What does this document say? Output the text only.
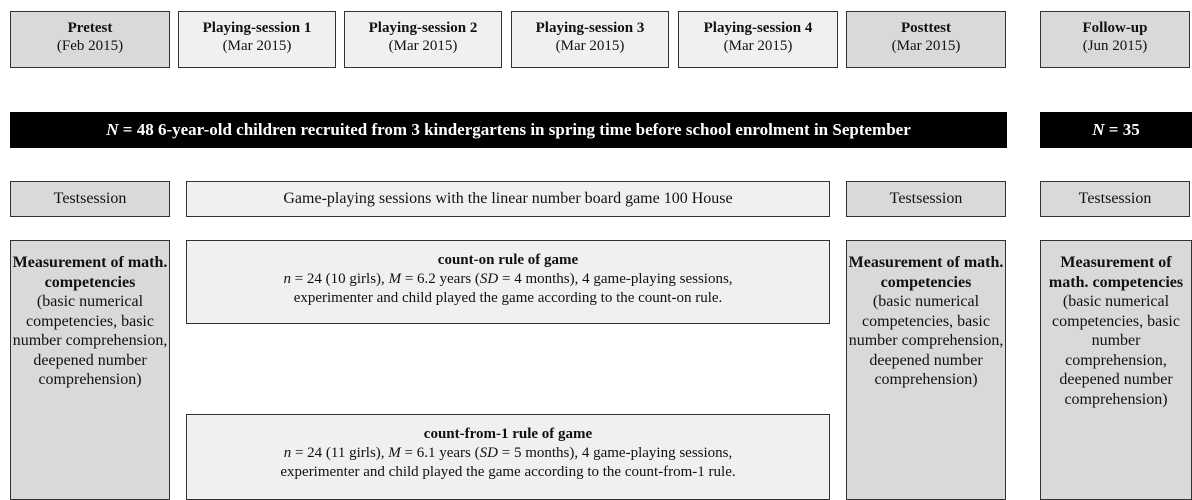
Pretest
(Feb 2015)
Playing-session 1
(Mar 2015)
Playing-session 2
(Mar 2015)
Playing-session 3
(Mar 2015)
Playing-session 4
(Mar 2015)
Posttest
(Mar 2015)
Follow-up
(Jun 2015)
N = 48 6-year-old children recruited from 3 kindergartens in spring time before school enrolment in September	N = 35
Testsession	Game-playing sessions with the linear number board game 100 House	Testsession	Testsession
Measurement of math. competencies
(basic numerical competencies, basic number comprehension, deepened number comprehension)
Measurement of math. competencies
(basic numerical competencies, basic number comprehension, deepened number comprehension)
Measurement of math. competencies
(basic numerical competencies, basic number comprehension, deepened number comprehension)
count-on rule of game
n = 24 (10 girls), M = 6.2 years (SD = 4 months), 4 game-playing sessions,
experimenter and child played the game according to the count-on rule.
count-from-1 rule of game
n = 24 (11 girls), M = 6.1 years (SD = 5 months), 4 game-playing sessions,
experimenter and child played the game according to the count-from-1 rule.
